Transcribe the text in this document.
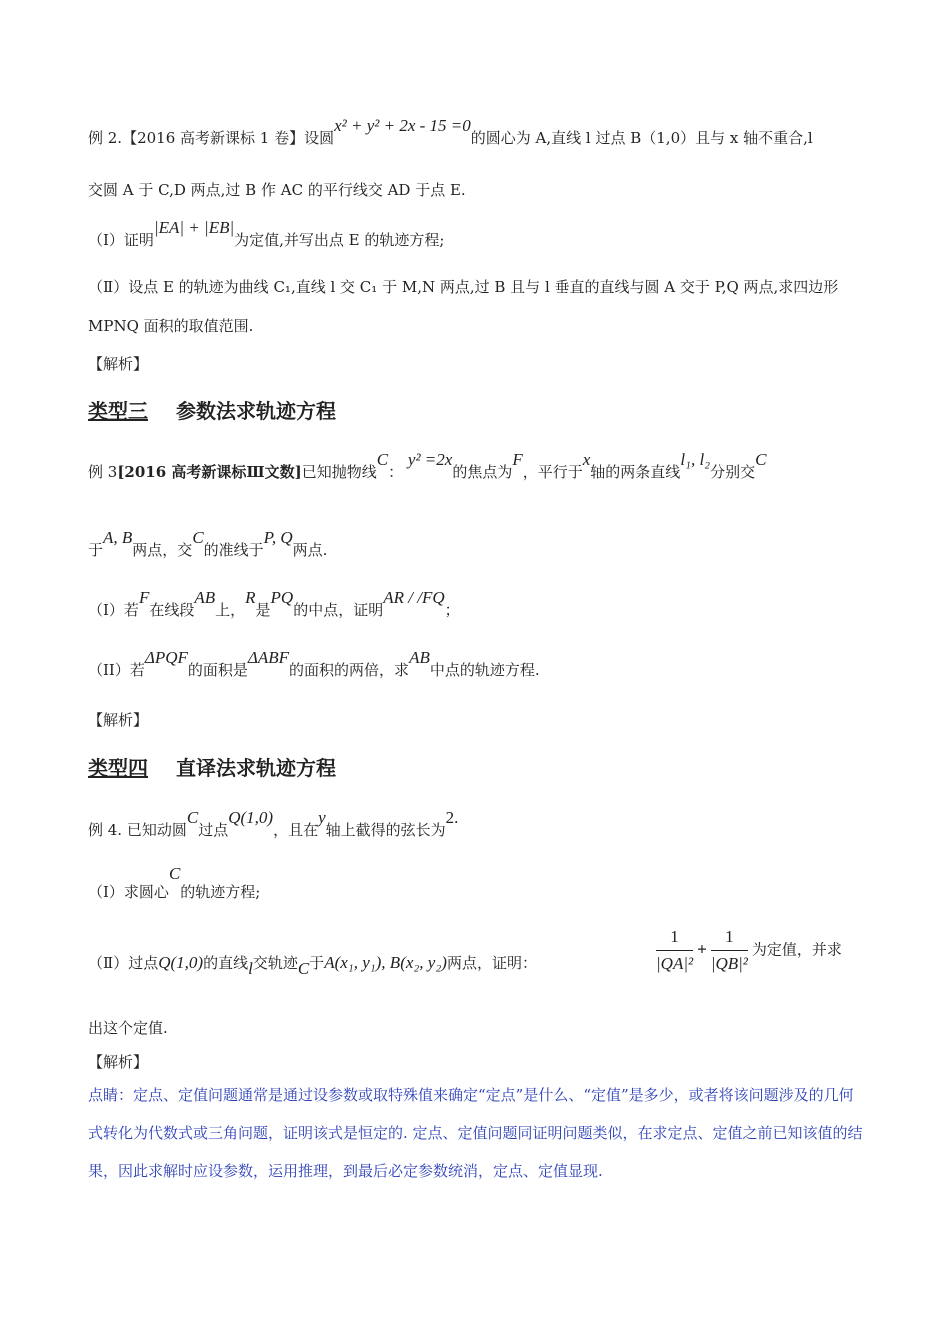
例 2.【2016 高考新课标 1 卷】设圆x² + y² + 2x - 15 =0的圆心为 A,直线 l 过点 B（1,0）且与 x 轴不重合,l
交圆 A 于 C,D 两点,过 B 作 AC 的平行线交 AD 于点 E.
（Ⅰ）证明|EA| + |EB|为定值,并写出点 E 的轨迹方程;
（Ⅱ）设点 E 的轨迹为曲线 C₁,直线 l 交 C₁ 于 M,N 两点,过 B 且与 l 垂直的直线与圆 A 交于 P,Q 两点,求四边形
MPNQ 面积的取值范围.
【解析】
类型三 参数法求轨迹方程
例 3[2016 高考新课标Ⅲ文数]已知抛物线C： y² =2x的焦点为F，平行于x轴的两条直线l₁, l₂分别交C
于A, B两点，交C的准线于P, Q两点.
（I）若F在线段AB上，R是PQ的中点，证明AR / /FQ；
（II）若ΔPQF的面积是ΔABF的面积的两倍，求AB中点的轨迹方程.
【解析】
类型四 直译法求轨迹方程
例 4. 已知动圆C过点Q(1,0)，且在y轴上截得的弦长为2.
（Ⅰ）求圆心C的轨迹方程;
（Ⅱ）过点Q(1,0)的直线l交轨迹C于A(x₁, y₁), B(x₂, y₂)两点，证明：	$\frac{1}{\text{|QA|²}} + \frac{1}{\text{|QB|²}}$ 为定值，并求
出这个定值.
【解析】
点睛：定点、定值问题通常是通过设参数或取特殊值来确定“定点”是什么、“定值”是多少，或者将该问题涉及的几何式转化为代数式或三角问题，证明该式是恒定的. 定点、定值问题同证明问题类似，在求定点、定值之前已知该值的结果，因此求解时应设参数，运用推理，到最后必定参数统消，定点、定值显现.
